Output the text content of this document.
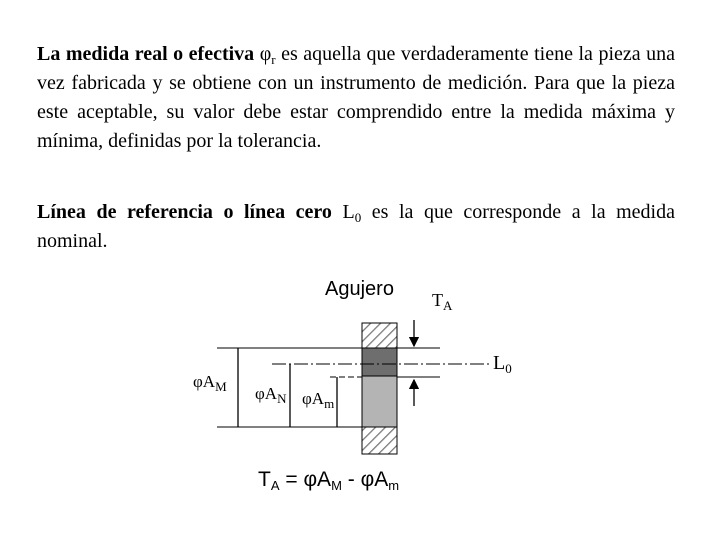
La medida real o efectiva $\varphi_r$ es aquella que verdaderamente tiene la pieza una vez fabricada y se obtiene con un instrumento de medición. Para que la pieza este aceptable, su valor debe estar comprendido entre la medida máxima y mínima, definidas por la tolerancia.
Línea de referencia o línea cero $L_0$ es la que corresponde a la medida nominal.
Agujero $T_A$
$L_0$
$\varphi A_M$ $\varphi A_N$ $\varphi A_m$
$T_A = \varphi A_M - \varphi A_m$
